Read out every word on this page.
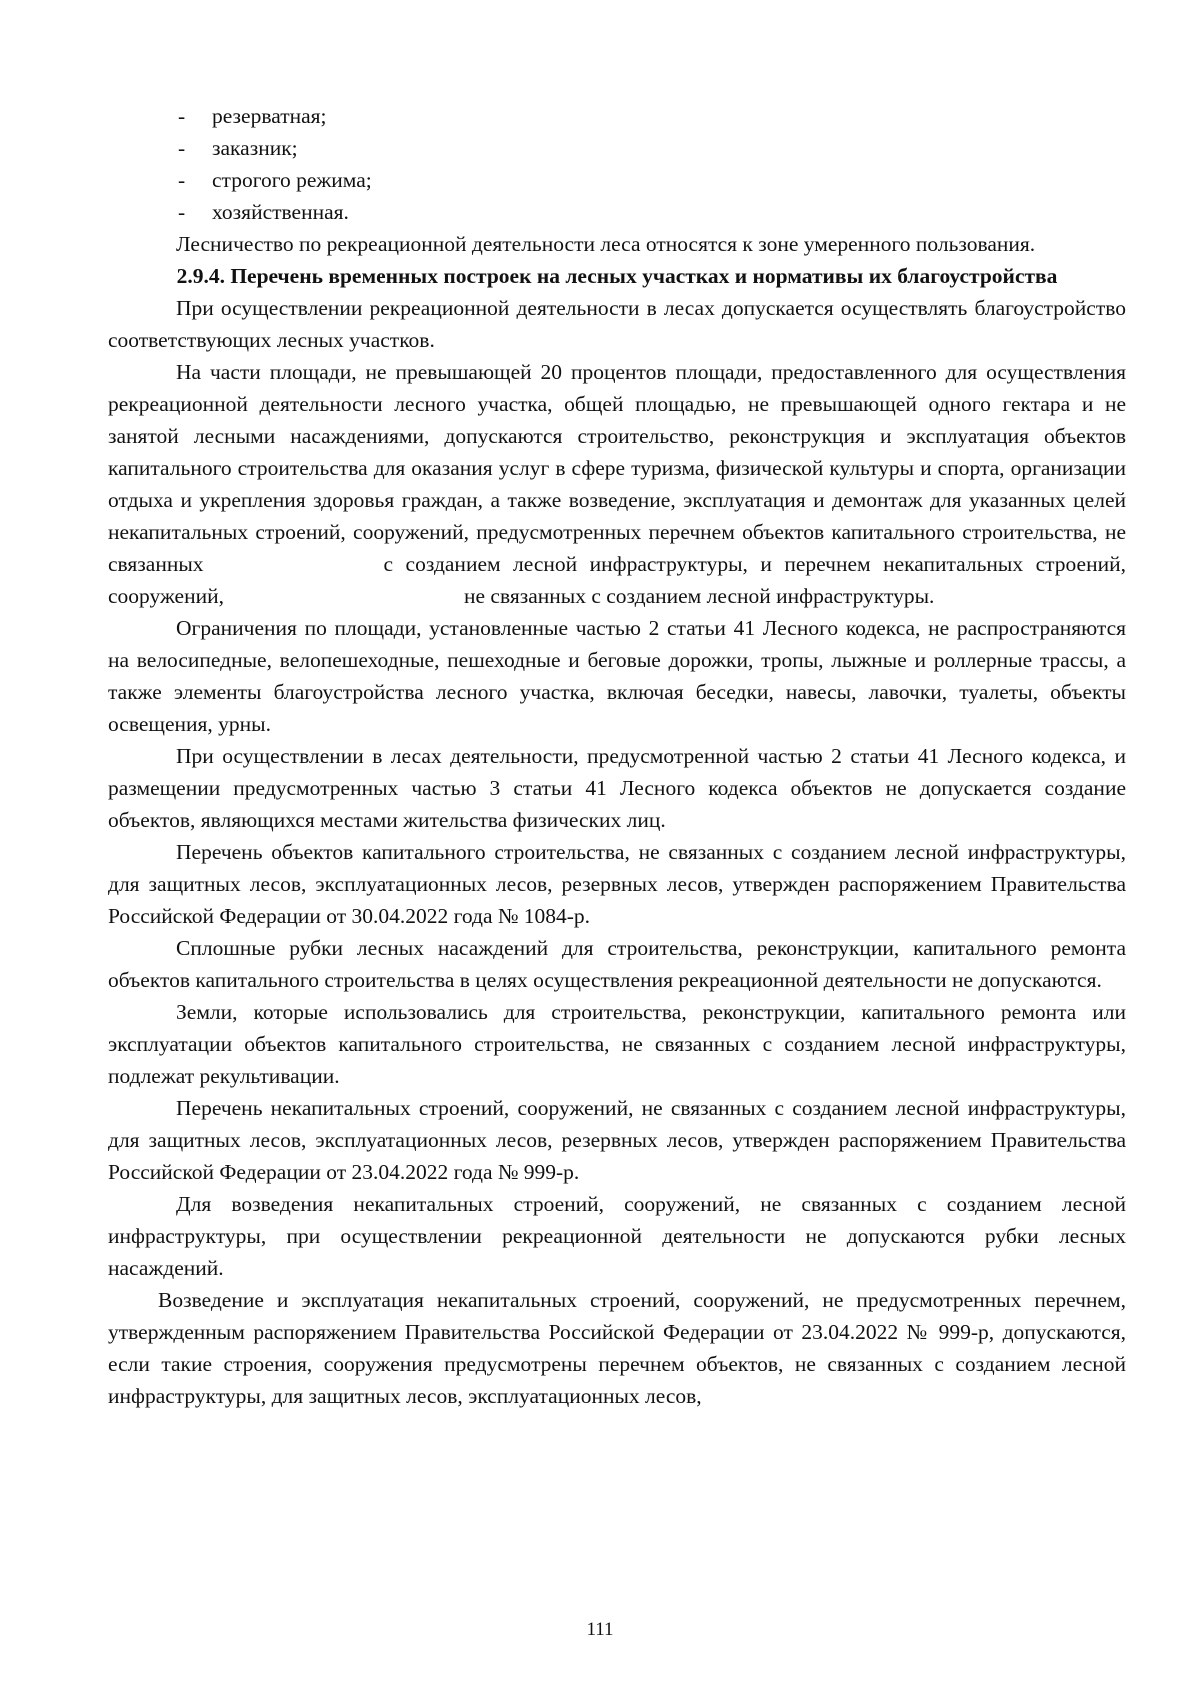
-	резерватная;
-	заказник;
-	строгого режима;
-	хозяйственная.

Лесничество по рекреационной деятельности леса относятся к зоне умеренного пользования.

2.9.4. Перечень временных построек на лесных участках и нормативы их благоустройства

При осуществлении рекреационной деятельности в лесах допускается осуществлять благоустройство соответствующих лесных участков.

На части площади, не превышающей 20 процентов площади, предоставленного для осуществления рекреационной деятельности лесного участка, общей площадью, не превышающей одного гектара и не занятой лесными насаждениями, допускаются строительство, реконструкция и эксплуатация объектов капитального строительства для оказания услуг в сфере туризма, физической культуры и спорта, организации отдыха и укрепления здоровья граждан, а также возведение, эксплуатация и демонтаж для указанных целей некапитальных строений, сооружений, предусмотренных перечнем объектов капитального строительства, не связанных	с созданием лесной инфраструктуры, и перечнем некапитальных строений, сооружений,	не связанных с созданием лесной инфраструктуры.

Ограничения по площади, установленные частью 2 статьи 41 Лесного кодекса, не распространяются на велосипедные, велопешеходные, пешеходные и беговые дорожки, тропы, лыжные и роллерные трассы, а также элементы благоустройства лесного участка, включая беседки, навесы, лавочки, туалеты, объекты освещения, урны.

При осуществлении в лесах деятельности, предусмотренной частью 2 статьи 41 Лесного кодекса, и размещении предусмотренных частью 3 статьи 41 Лесного кодекса объектов не допускается создание объектов, являющихся местами жительства физических лиц.

Перечень объектов капитального строительства, не связанных с созданием лесной инфраструктуры, для защитных лесов, эксплуатационных лесов, резервных лесов, утвержден распоряжением Правительства Российской Федерации от 30.04.2022 года № 1084-р.

Сплошные рубки лесных насаждений для строительства, реконструкции, капитального ремонта объектов капитального строительства в целях осуществления рекреационной деятельности не допускаются.

Земли, которые использовались для строительства, реконструкции, капитального ремонта или эксплуатации объектов капитального строительства, не связанных с созданием лесной инфраструктуры, подлежат рекультивации.

Перечень некапитальных строений, сооружений, не связанных с созданием лесной инфраструктуры, для защитных лесов, эксплуатационных лесов, резервных лесов, утвержден распоряжением Правительства Российской Федерации от 23.04.2022 года № 999-р.

Для возведения некапитальных строений, сооружений, не связанных с созданием лесной инфраструктуры, при осуществлении рекреационной деятельности не допускаются рубки лесных насаждений.

Возведение и эксплуатация некапитальных строений, сооружений, не предусмотренных перечнем, утвержденным распоряжением Правительства Российской Федерации от 23.04.2022 № 999-р, допускаются, если такие строения, сооружения предусмотрены перечнем объектов, не связанных с созданием лесной инфраструктуры, для защитных лесов, эксплуатационных лесов,

111
